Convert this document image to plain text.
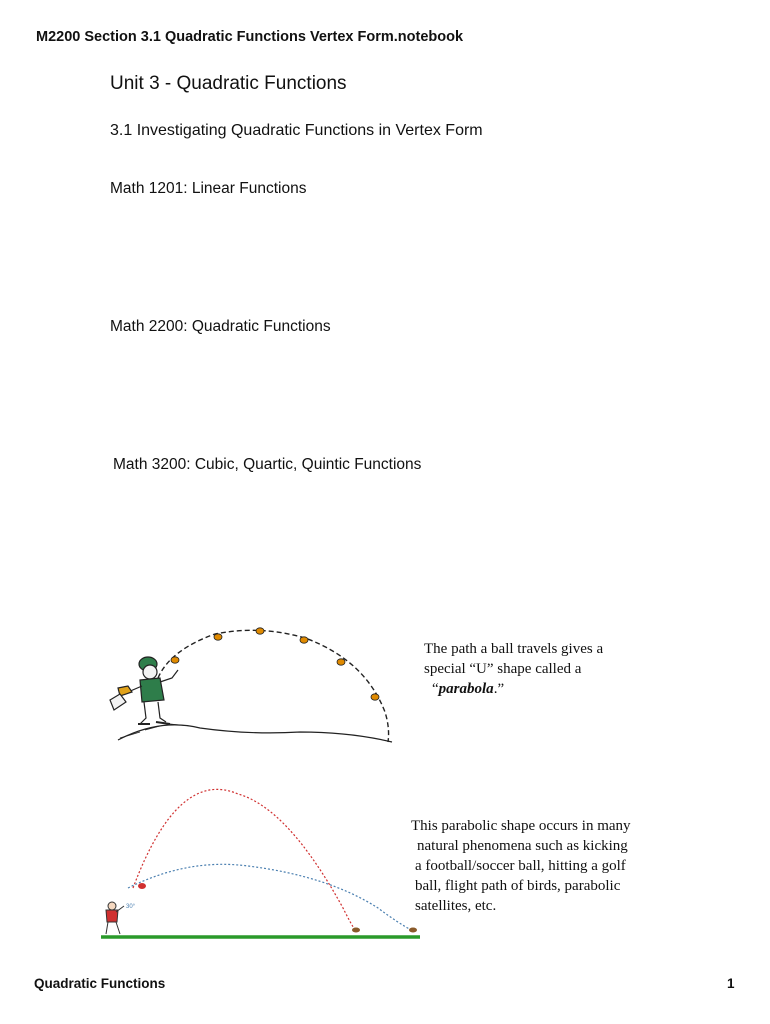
M2200 Section 3.1 Quadratic Functions Vertex Form.notebook
Unit 3 - Quadratic Functions
3.1 Investigating Quadratic Functions in Vertex Form
Math 1201: Linear Functions
Math 2200: Quadratic Functions
Math 3200: Cubic, Quartic, Quintic Functions
The path a ball travels gives a
special “U” shape called a
“parabola.”
30°
This parabolic shape occurs in many
natural phenomena such as kicking
a football/soccer ball, hitting a golf
ball, flight path of birds, parabolic
satellites, etc.
Quadratic Functions	1
